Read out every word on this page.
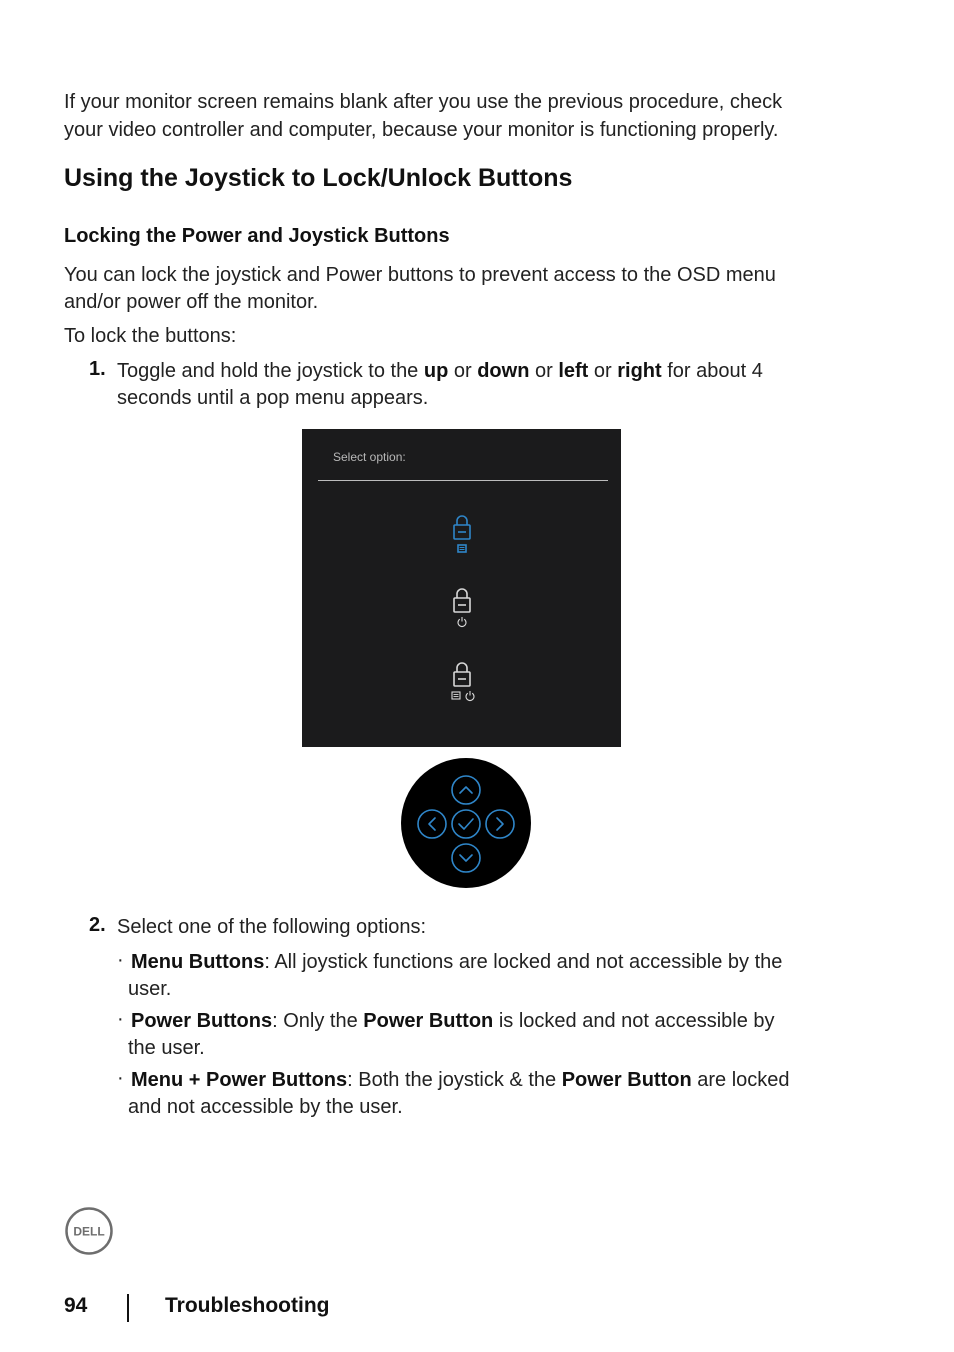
If your monitor screen remains blank after you use the previous procedure, check

your video controller and computer, because your monitor is functioning properly.

Using the Joystick to Lock/Unlock Buttons
Locking the Power and Joystick Buttons

You can lock the joystick and Power buttons to prevent access to the OSD menu

and/or power off the monitor.

To lock the buttons:

1. Toggle and hold the joystick to the up or down or left or right for about 4

seconds until a pop menu appears.

Select option:
2. Select one of the following options:

· Menu Buttons: All joystick functions are locked and not accessible by the

user.

· Power Buttons: Only the Power Button is locked and not accessible by

the user.

· Menu + Power Buttons: Both the joystick & the Power Button are locked

and not accessible by the user.

DELL
94	Troubleshooting
